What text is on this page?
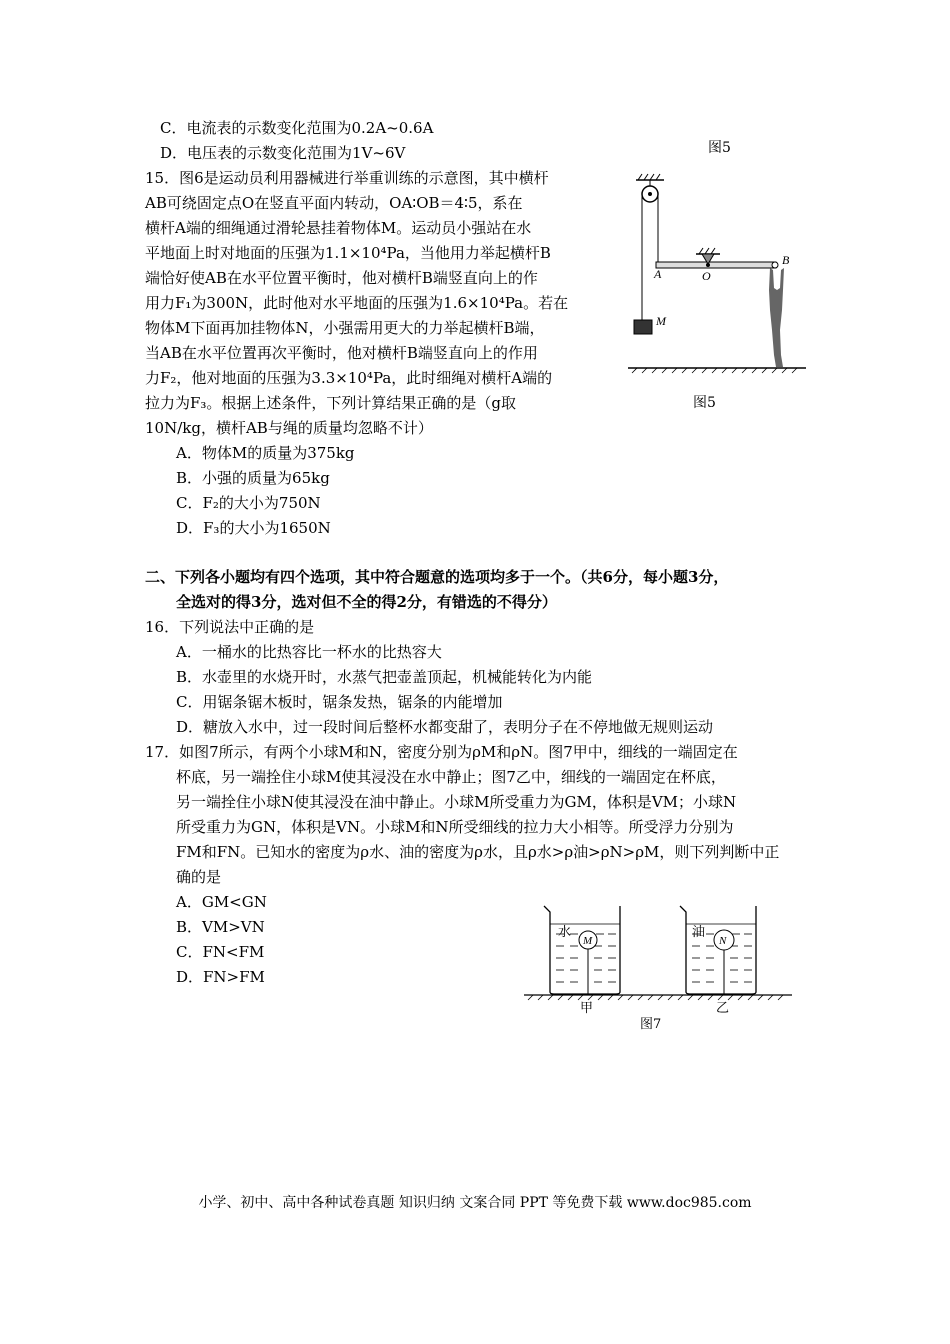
C．电流表的示数变化范围为0.2A~0.6A
D．电压表的示数变化范围为1V~6V	图5
15．图6是运动员利用器械进行举重训练的示意图，其中横杆
AB可绕固定点O在竖直平面内转动，OA∶OB＝4∶5，系在
横杆A端的细绳通过滑轮悬挂着物体M。运动员小强站在水
平地面上时对地面的压强为1.1×10⁴Pa，当他用力举起横杆B
端恰好使AB在水平位置平衡时，他对横杆B端竖直向上的作
用力F₁为300N，此时他对水平地面的压强为1.6×10⁴Pa。若在
物体M下面再加挂物体N，小强需用更大的力举起横杆B端，
当AB在水平位置再次平衡时，他对横杆B端竖直向上的作用
力F₂，他对地面的压强为3.3×10⁴Pa，此时细绳对横杆A端的
拉力为F₃。根据上述条件，下列计算结果正确的是（g取
10N/kg，横杆AB与绳的质量均忽略不计）
A．物体M的质量为375kg
B．小强的质量为65kg
C．F₂的大小为750N
D．F₃的大小为1650N
A	O
B
M
图5
二、下列各小题均有四个选项，其中符合题意的选项均多于一个。（共6分，每小题3分，
全选对的得3分，选对但不全的得2分，有错选的不得分）
16．下列说法中正确的是
A．一桶水的比热容比一杯水的比热容大
B．水壶里的水烧开时，水蒸气把壶盖顶起，机械能转化为内能
C．用锯条锯木板时，锯条发热，锯条的内能增加
D．糖放入水中，过一段时间后整杯水都变甜了，表明分子在不停地做无规则运动
17．如图7所示，有两个小球M和N，密度分别为ρM和ρN。图7甲中，细线的一端固定在
杯底，另一端拴住小球M使其浸没在水中静止；图7乙中，细线的一端固定在杯底，
另一端拴住小球N使其浸没在油中静止。小球M所受重力为GM，体积是VM；小球N
所受重力为GN，体积是VN。小球M和N所受细线的拉力大小相等。所受浮力分别为
FM和FN。已知水的密度为ρ水、油的密度为ρ水，且ρ水>ρ油>ρN>ρM，则下列判断中正
确的是
A．GM<GN
B．VM>VN
C．FN<FM
D．FN>FM
M
水
N
油
甲	乙
图7
小学、初中、高中各种试卷真题 知识归纳 文案合同 PPT 等免费下载 www.doc985.com
